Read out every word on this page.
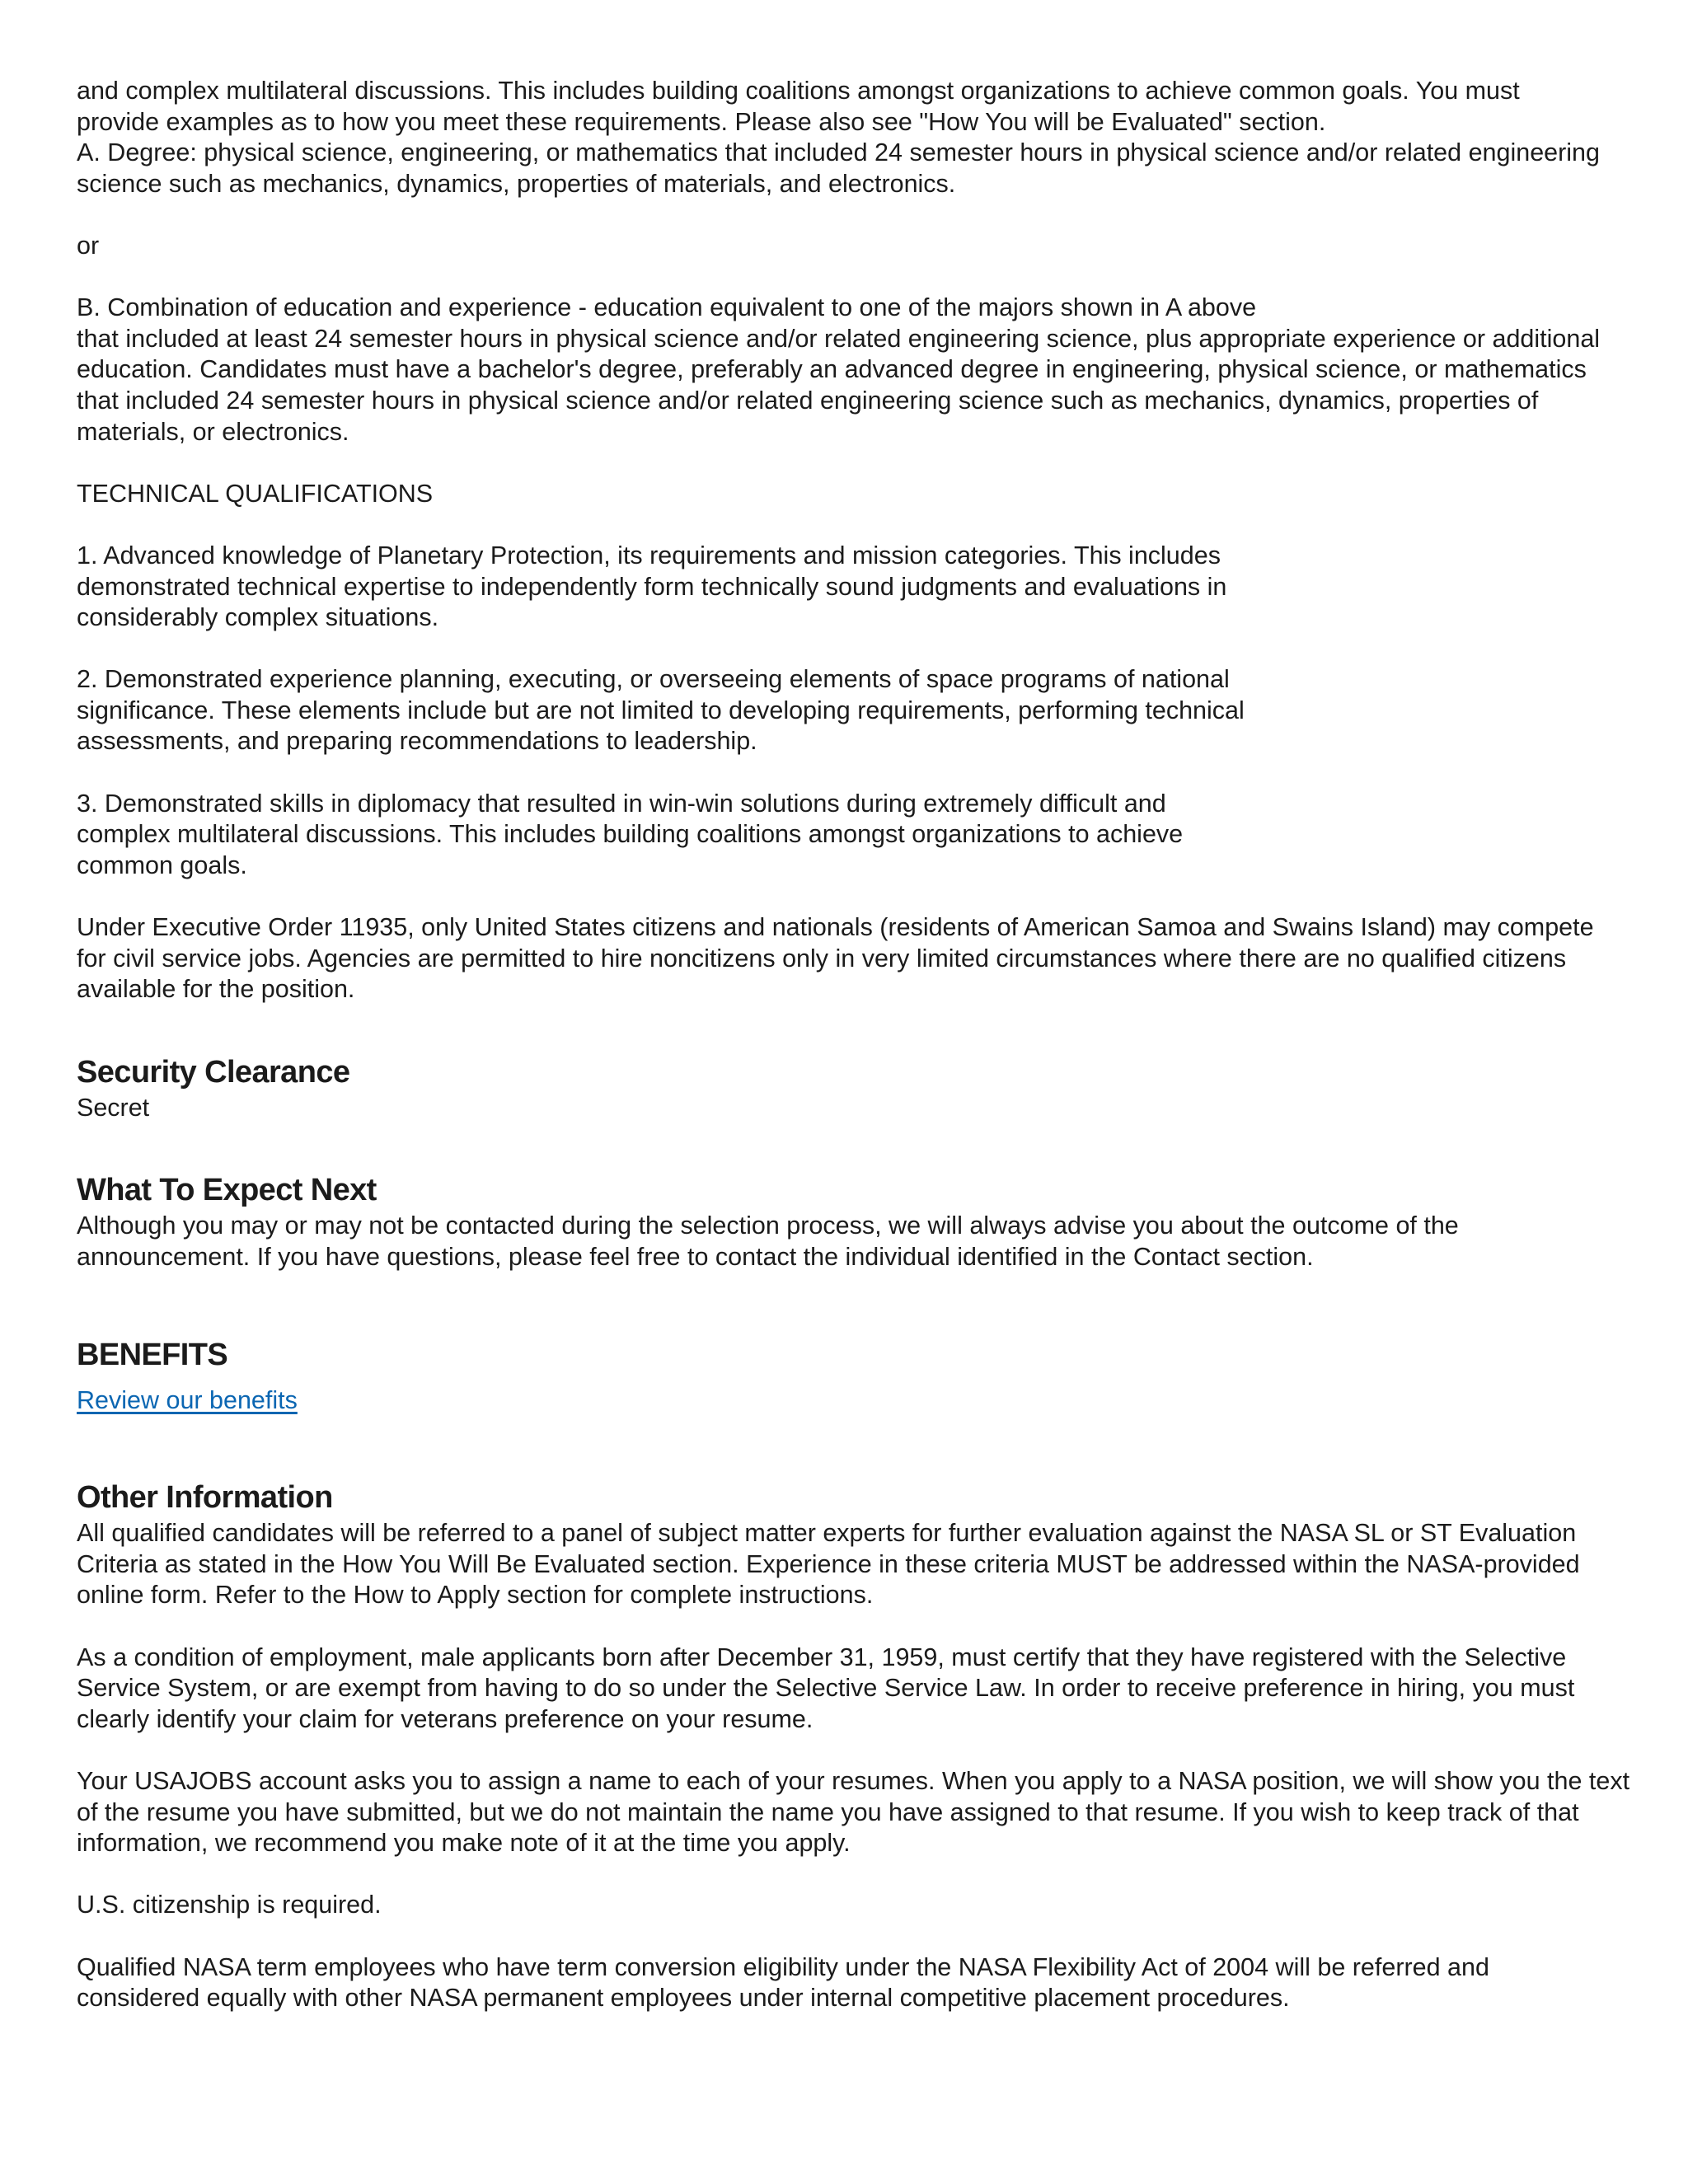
and complex multilateral discussions. This includes building coalitions amongst organizations to achieve common goals. You must
provide examples as to how you meet these requirements. Please also see "How You will be Evaluated" section.
A. Degree: physical science, engineering, or mathematics that included 24 semester hours in physical science and/or related engineering
science such as mechanics, dynamics, properties of materials, and electronics.

or

B. Combination of education and experience - education equivalent to one of the majors shown in A above
that included at least 24 semester hours in physical science and/or related engineering science, plus appropriate experience or additional
education. Candidates must have a bachelor's degree, preferably an advanced degree in engineering, physical science, or mathematics
that included 24 semester hours in physical science and/or related engineering science such as mechanics, dynamics, properties of
materials, or electronics.

TECHNICAL QUALIFICATIONS

1. Advanced knowledge of Planetary Protection, its requirements and mission categories. This includes
demonstrated technical expertise to independently form technically sound judgments and evaluations in
considerably complex situations.

2. Demonstrated experience planning, executing, or overseeing elements of space programs of national
significance. These elements include but are not limited to developing requirements, performing technical
assessments, and preparing recommendations to leadership.

3. Demonstrated skills in diplomacy that resulted in win-win solutions during extremely difficult and
complex multilateral discussions. This includes building coalitions amongst organizations to achieve
common goals.

Under Executive Order 11935, only United States citizens and nationals (residents of American Samoa and Swains Island) may compete
for civil service jobs. Agencies are permitted to hire noncitizens only in very limited circumstances where there are no qualified citizens
available for the position.

Security Clearance

Secret

What To Expect Next

Although you may or may not be contacted during the selection process, we will always advise you about the outcome of the
announcement. If you have questions, please feel free to contact the individual identified in the Contact section.

BENEFITS
Review our benefits
Other Information

All qualified candidates will be referred to a panel of subject matter experts for further evaluation against the NASA SL or ST Evaluation
Criteria as stated in the How You Will Be Evaluated section. Experience in these criteria MUST be addressed within the NASA-provided
online form. Refer to the How to Apply section for complete instructions.

As a condition of employment, male applicants born after December 31, 1959, must certify that they have registered with the Selective
Service System, or are exempt from having to do so under the Selective Service Law. In order to receive preference in hiring, you must
clearly identify your claim for veterans preference on your resume.

Your USAJOBS account asks you to assign a name to each of your resumes. When you apply to a NASA position, we will show you the text
of the resume you have submitted, but we do not maintain the name you have assigned to that resume. If you wish to keep track of that
information, we recommend you make note of it at the time you apply.

U.S. citizenship is required.

Qualified NASA term employees who have term conversion eligibility under the NASA Flexibility Act of 2004 will be referred and
considered equally with other NASA permanent employees under internal competitive placement procedures.
